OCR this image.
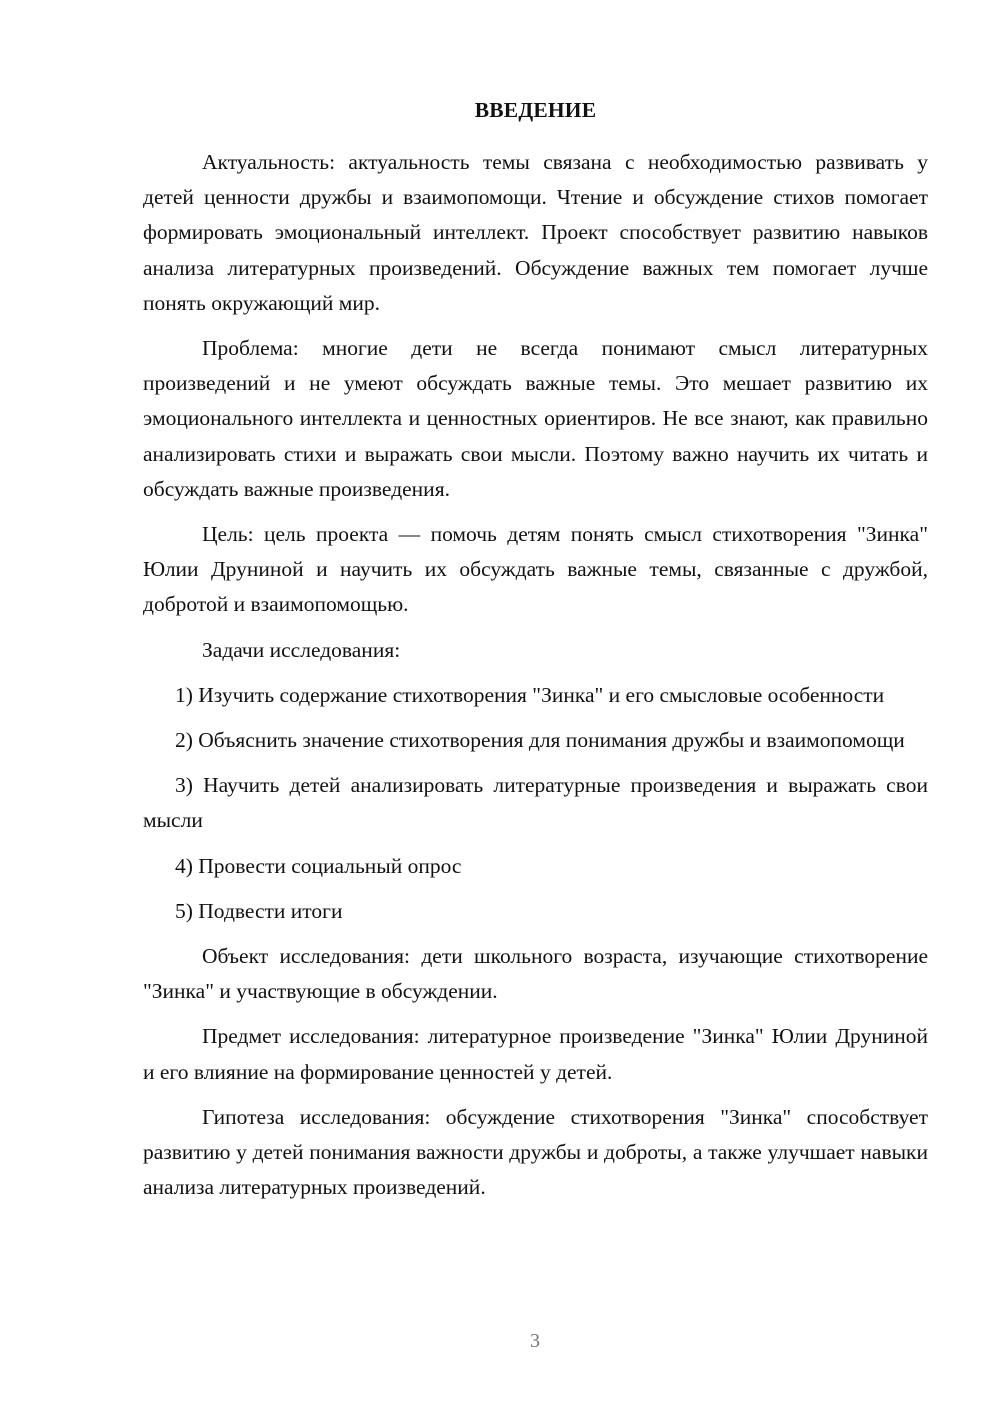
ВВЕДЕНИЕ

Актуальность: актуальность темы связана с необходимостью развивать у детей ценности дружбы и взаимопомощи. Чтение и обсуждение стихов помогает формировать эмоциональный интеллект. Проект способствует развитию навыков анализа литературных произведений. Обсуждение важных тем помогает лучше понять окружающий мир.

Проблема: многие дети не всегда понимают смысл литературных произведений и не умеют обсуждать важные темы. Это мешает развитию их эмоционального интеллекта и ценностных ориентиров. Не все знают, как правильно анализировать стихи и выражать свои мысли. Поэтому важно научить их читать и обсуждать важные произведения.

Цель: цель проекта — помочь детям понять смысл стихотворения "Зинка" Юлии Друниной и научить их обсуждать важные темы, связанные с дружбой, добротой и взаимопомощью.

Задачи исследования:

1) Изучить содержание стихотворения "Зинка" и его смысловые особенности

2) Объяснить значение стихотворения для понимания дружбы и взаимопомощи

3) Научить детей анализировать литературные произведения и выражать свои мысли

4) Провести социальный опрос

5) Подвести итоги

Объект исследования: дети школьного возраста, изучающие стихотворение "Зинка" и участвующие в обсуждении.

Предмет исследования: литературное произведение "Зинка" Юлии Друниной и его влияние на формирование ценностей у детей.

Гипотеза исследования: обсуждение стихотворения "Зинка" способствует развитию у детей понимания важности дружбы и доброты, а также улучшает навыки анализа литературных произведений.

3
